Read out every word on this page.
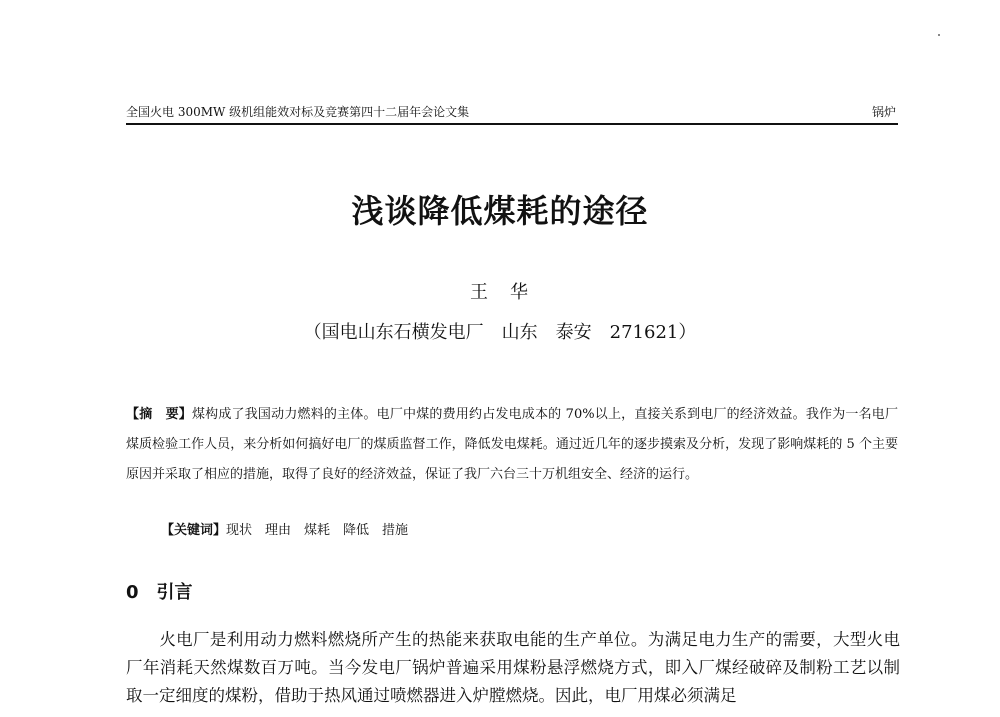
全国火电 300MW 级机组能效对标及竞赛第四十二届年会论文集	锅炉
浅谈降低煤耗的途径
王华
（国电山东石横发电厂　山东　泰安　271621）
【摘　要】煤构成了我国动力燃料的主体。电厂中煤的费用约占发电成本的 70%以上，直接关系到电厂的经济效益。我作为一名电厂煤质检验工作人员，来分析如何搞好电厂的煤质监督工作，降低发电煤耗。通过近几年的逐步摸索及分析，发现了影响煤耗的 5 个主要原因并采取了相应的措施，取得了良好的经济效益，保证了我厂六台三十万机组安全、经济的运行。
【关键词】现状　理由　煤耗　降低　措施
0 引言
火电厂是利用动力燃料燃烧所产生的热能来获取电能的生产单位。为满足电力生产的需要，大型火电厂年消耗天然煤数百万吨。当今发电厂锅炉普遍采用煤粉悬浮燃烧方式，即入厂煤经破碎及制粉工艺以制取一定细度的煤粉，借助于热风通过喷燃器进入炉膛燃烧。因此，电厂用煤必须满足
